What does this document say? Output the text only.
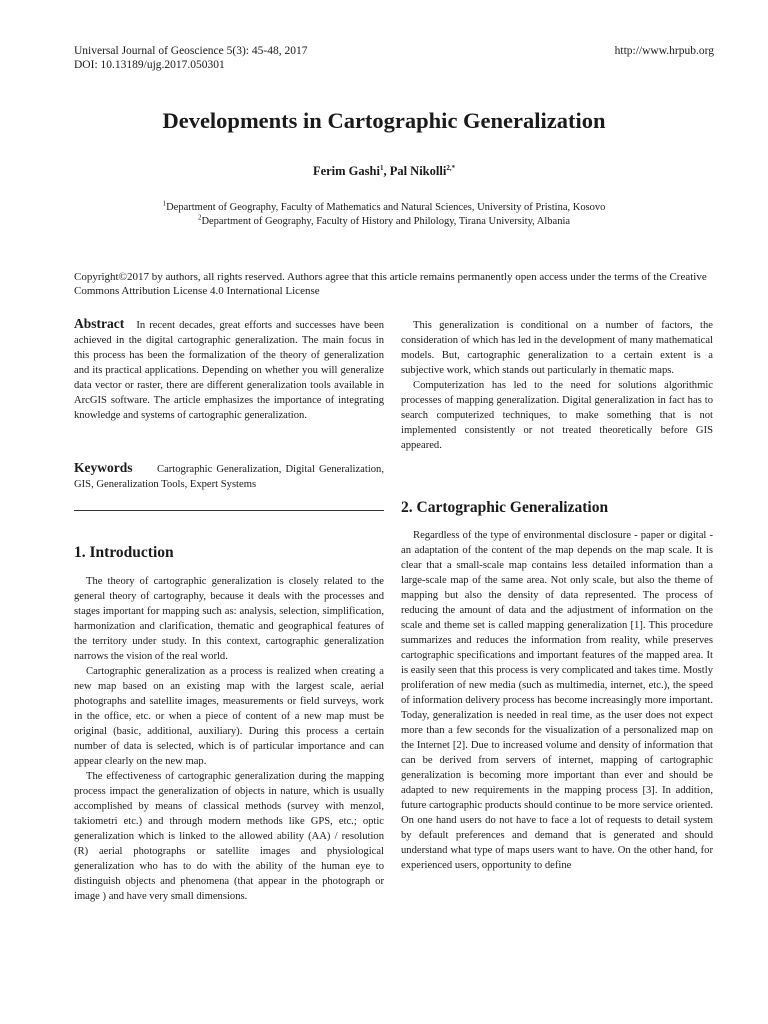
Universal Journal of Geoscience 5(3): 45-48, 2017
DOI: 10.13189/ujg.2017.050301
http://www.hrpub.org
Developments in Cartographic Generalization
Ferim Gashi$^1$, Pal Nikolli$^{2,*}$
$^1$Department of Geography, Faculty of Mathematics and Natural Sciences, University of Pristina, Kosovo
$^2$Department of Geography, Faculty of History and Philology, Tirana University, Albania
Copyright©2017 by authors, all rights reserved. Authors agree that this article remains permanently open access under the terms of the Creative Commons Attribution License 4.0 International License

Abstract In recent decades, great efforts and successes have been achieved in the digital cartographic generalization. The main focus in this process has been the formalization of the theory of generalization and its practical applications. Depending on whether you will generalize data vector or raster, there are different generalization tools available in ArcGIS software. The article emphasizes the importance of integrating knowledge and systems of cartographic generalization.

Keywords Cartographic Generalization, Digital Generalization, GIS, Generalization Tools, Expert Systems

1. Introduction

The theory of cartographic generalization is closely related to the general theory of cartography, because it deals with the processes and stages important for mapping such as: analysis, selection, simplification, harmonization and clarification, thematic and geographical features of the territory under study. In this context, cartographic generalization narrows the vision of the real world.

Cartographic generalization as a process is realized when creating a new map based on an existing map with the largest scale, aerial photographs and satellite images, measurements or field surveys, work in the office, etc. or when a piece of content of a new map must be original (basic, additional, auxiliary). During this process a certain number of data is selected, which is of particular importance and can appear clearly on the new map.

The effectiveness of cartographic generalization during the mapping process impact the generalization of objects in nature, which is usually accomplished by means of classical methods (survey with menzol, takiometri etc.) and through modern methods like GPS, etc.; optic generalization which is linked to the allowed ability (AA) / resolution (R) aerial photographs or satellite images and physiological generalization who has to do with the ability of the human eye to distinguish objects and phenomena (that appear in the photograph or image ) and have very small dimensions.

This generalization is conditional on a number of factors, the consideration of which has led in the development of many mathematical models. But, cartographic generalization to a certain extent is a subjective work, which stands out particularly in thematic maps.

Computerization has led to the need for solutions algorithmic processes of mapping generalization. Digital generalization in fact has to search computerized techniques, to make something that is not implemented consistently or not treated theoretically before GIS appeared.

2. Cartographic Generalization

Regardless of the type of environmental disclosure - paper or digital - an adaptation of the content of the map depends on the map scale. It is clear that a small-scale map contains less detailed information than a large-scale map of the same area. Not only scale, but also the theme of mapping but also the density of data represented. The process of reducing the amount of data and the adjustment of information on the scale and theme set is called mapping generalization [1]. This procedure summarizes and reduces the information from reality, while preserves cartographic specifications and important features of the mapped area. It is easily seen that this process is very complicated and takes time. Mostly proliferation of new media (such as multimedia, internet, etc.), the speed of information delivery process has become increasingly more important. Today, generalization is needed in real time, as the user does not expect more than a few seconds for the visualization of a personalized map on the Internet [2]. Due to increased volume and density of information that can be derived from servers of internet, mapping of cartographic generalization is becoming more important than ever and should be adapted to new requirements in the mapping process [3]. In addition, future cartographic products should continue to be more service oriented. On one hand users do not have to face a lot of requests to detail system by default preferences and demand that is generated and should understand what type of maps users want to have. On the other hand, for experienced users, opportunity to define
